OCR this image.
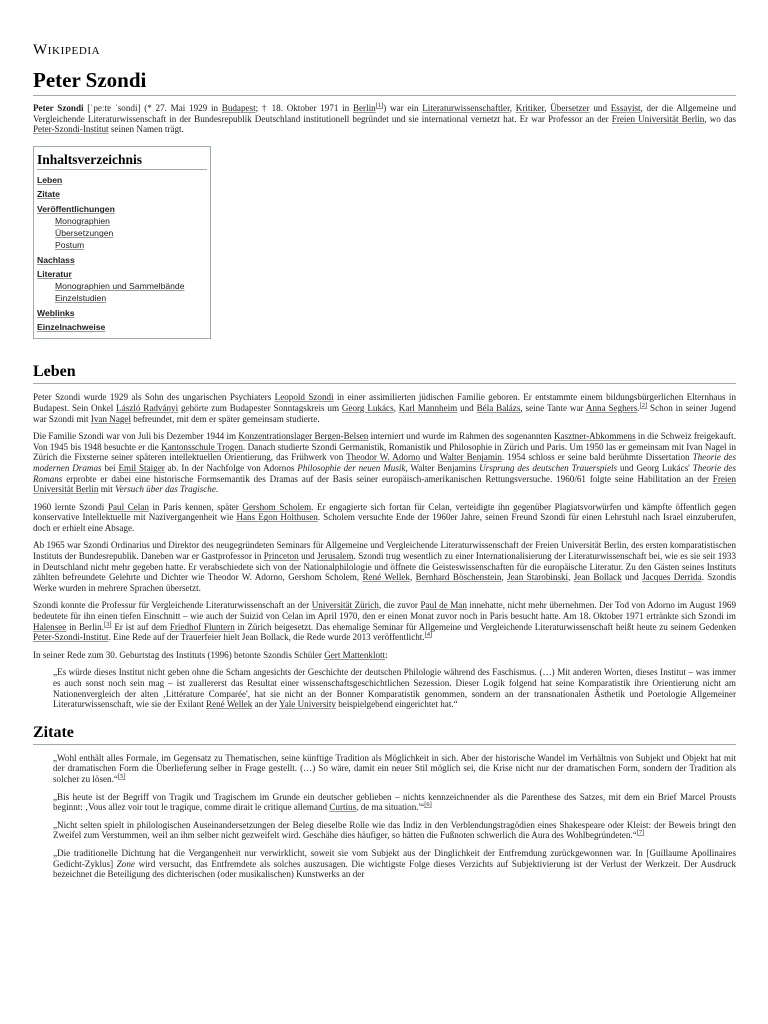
WIKIPEDIA
Peter Szondi

Peter Szondi [ˈpeːtɐ ˈsondi] (* 27. Mai 1929 in Budapest; † 18. Oktober 1971 in Berlin[1]) war ein Literaturwissenschaftler, Kritiker, Übersetzer und Essayist, der die Allgemeine und Vergleichende Literaturwissenschaft in der Bundesrepublik Deutschland institutionell begründet und sie international vernetzt hat. Er war Professor an der Freien Universität Berlin, wo das Peter-Szondi-Institut seinen Namen trägt.

Inhaltsverzeichnis
Leben
Zitate
Veröffentlichungen
Monographien
Übersetzungen
Postum
Nachlass
Literatur
Monographien und Sammelbände
Einzelstudien
Weblinks
Einzelnachweise
Leben

Peter Szondi wurde 1929 als Sohn des ungarischen Psychiaters Leopold Szondi in einer assimilierten jüdischen Familie geboren. Er entstammte einem bildungsbürgerlichen Elternhaus in Budapest. Sein Onkel László Radványi gehörte zum Budapester Sonntagskreis um Georg Lukács, Karl Mannheim und Béla Balázs, seine Tante war Anna Seghers.[2] Schon in seiner Jugend war Szondi mit Ivan Nagel befreundet, mit dem er später gemeinsam studierte.

Die Familie Szondi war von Juli bis Dezember 1944 im Konzentrationslager Bergen-Belsen interniert und wurde im Rahmen des sogenannten Kasztner-Abkommens in die Schweiz freigekauft. Von 1945 bis 1948 besuchte er die Kantonsschule Trogen. Danach studierte Szondi Germanistik, Romanistik und Philosophie in Zürich und Paris. Um 1950 las er gemeinsam mit Ivan Nagel in Zürich die Fixsterne seiner späteren intellektuellen Orientierung, das Frühwerk von Theodor W. Adorno und Walter Benjamin. 1954 schloss er seine bald berühmte Dissertation Theorie des modernen Dramas bei Emil Staiger ab. In der Nachfolge von Adornos Philosophie der neuen Musik, Walter Benjamins Ursprung des deutschen Trauerspiels und Georg Lukács' Theorie des Romans erprobte er dabei eine historische Formsemantik des Dramas auf der Basis seiner europäisch-amerikanischen Rettungsversuche. 1960/61 folgte seine Habilitation an der Freien Universität Berlin mit Versuch über das Tragische.

1960 lernte Szondi Paul Celan in Paris kennen, später Gershom Scholem. Er engagierte sich fortan für Celan, verteidigte ihn gegenüber Plagiatsvorwürfen und kämpfte öffentlich gegen konservative Intellektuelle mit Nazivergangenheit wie Hans Egon Holthusen. Scholem versuchte Ende der 1960er Jahre, seinen Freund Szondi für einen Lehrstuhl nach Israel einzuberufen, doch er erhielt eine Absage.

Ab 1965 war Szondi Ordinarius und Direktor des neugegründeten Seminars für Allgemeine und Vergleichende Literaturwissenschaft der Freien Universität Berlin, des ersten komparatistischen Instituts der Bundesrepublik. Daneben war er Gastprofessor in Princeton und Jerusalem. Szondi trug wesentlich zu einer Internationalisierung der Literaturwissenschaft bei, wie es sie seit 1933 in Deutschland nicht mehr gegeben hatte. Er verabschiedete sich von der Nationalphilologie und öffnete die Geisteswissenschaften für die europäische Literatur. Zu den Gästen seines Instituts zählten befreundete Gelehrte und Dichter wie Theodor W. Adorno, Gershom Scholem, René Wellek, Bernhard Böschenstein, Jean Starobinski, Jean Bollack und Jacques Derrida. Szondis Werke wurden in mehrere Sprachen übersetzt.

Szondi konnte die Professur für Vergleichende Literaturwissenschaft an der Universität Zürich, die zuvor Paul de Man innehatte, nicht mehr übernehmen. Der Tod von Adorno im August 1969 bedeutete für ihn einen tiefen Einschnitt – wie auch der Suizid von Celan im April 1970, den er einen Monat zuvor noch in Paris besucht hatte. Am 18. Oktober 1971 ertränkte sich Szondi im Halensee in Berlin.[3] Er ist auf dem Friedhof Fluntern in Zürich beigesetzt. Das ehemalige Seminar für Allgemeine und Vergleichende Literaturwissenschaft heißt heute zu seinem Gedenken Peter-Szondi-Institut. Eine Rede auf der Trauerfeier hielt Jean Bollack, die Rede wurde 2013 veröffentlicht.[4]

In seiner Rede zum 30. Geburtstag des Instituts (1996) betonte Szondis Schüler Gert Mattenklott:

„Es würde dieses Institut nicht geben ohne die Scham angesichts der Geschichte der deutschen Philologie während des Faschismus. (…) Mit anderen Worten, dieses Institut – was immer es auch sonst noch sein mag – ist zuallererst das Resultat einer wissenschaftsgeschichtlichen Sezession. Dieser Logik folgend hat seine Komparatistik ihre Orientierung nicht am Nationenvergleich der alten ‚Littérature Comparée', hat sie nicht an der Bonner Komparatistik genommen, sondern an der transnationalen Ästhetik und Poetologie Allgemeiner Literaturwissenschaft, wie sie der Exilant René Wellek an der Yale University beispielgebend eingerichtet hat.“
Zitate
„Wohl enthält alles Formale, im Gegensatz zu Thematischen, seine künftige Tradition als Möglichkeit in sich. Aber der historische Wandel im Verhältnis von Subjekt und Objekt hat mit der dramatischen Form die Überlieferung selber in Frage gestellt. (…) So wäre, damit ein neuer Stil möglich sei, die Krise nicht nur der dramatischen Form, sondern der Tradition als solcher zu lösen.“[5]
„Bis heute ist der Begriff von Tragik und Tragischem im Grunde ein deutscher geblieben – nichts kennzeichnender als die Parenthese des Satzes, mit dem ein Brief Marcel Prousts beginnt: ‚Vous allez voir tout le tragique, comme dirait le critique allemand Curtius, de ma situation.'“[6]
„Nicht selten spielt in philologischen Auseinandersetzungen der Beleg dieselbe Rolle wie das Indiz in den Verblendungstragödien eines Shakespeare oder Kleist: der Beweis bringt den Zweifel zum Verstummen, weil an ihm selber nicht gezweifelt wird. Geschähe dies häufiger, so hätten die Fußnoten schwerlich die Aura des Wohlbegründeten.“[7]
„Die traditionelle Dichtung hat die Vergangenheit nur verwirklicht, soweit sie vom Subjekt aus der Dinglichkeit der Entfremdung zurückgewonnen war. In [Guillaume Apollinaires Gedicht-Zyklus] Zone wird versucht, das Entfremdete als solches auszusagen. Die wichtigste Folge dieses Verzichts auf Subjektivierung ist der Verlust der Werkzeit. Der Ausdruck bezeichnet die Beteiligung des dichterischen (oder musikalischen) Kunstwerks an der
